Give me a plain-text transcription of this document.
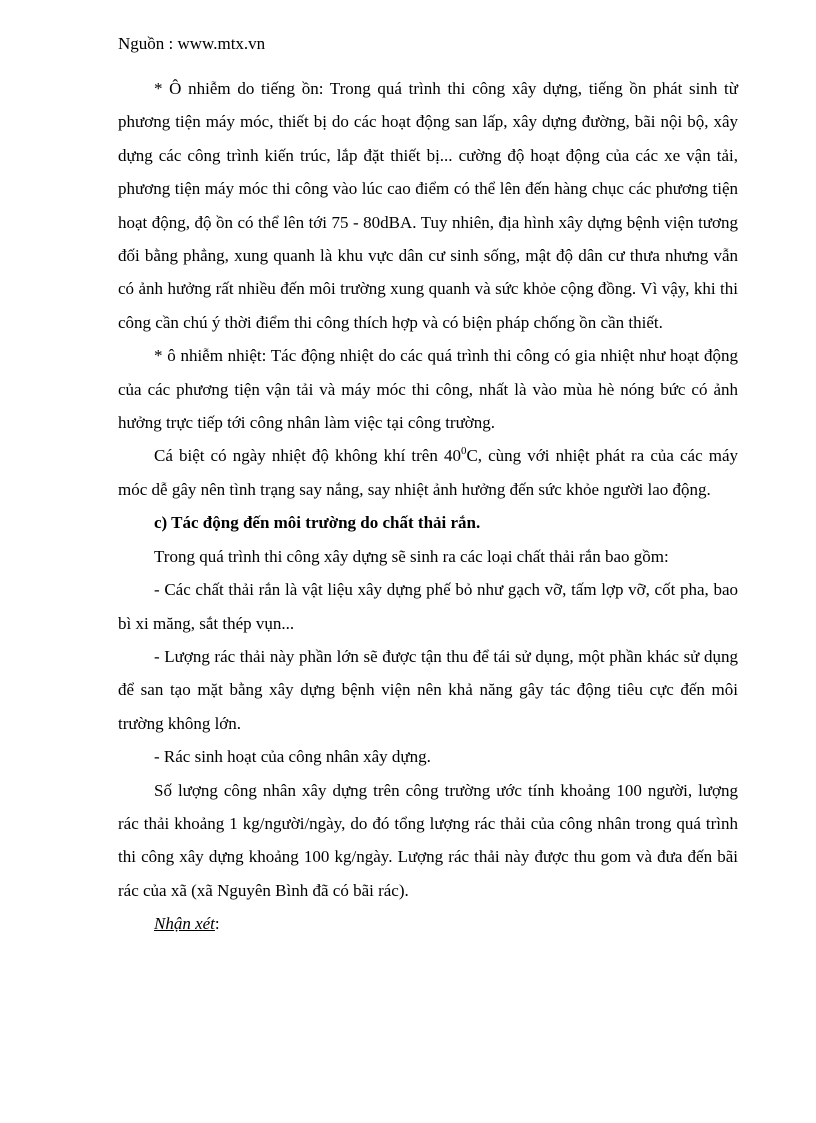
Nguồn : www.mtx.vn

* Ô nhiễm do tiếng ồn: Trong quá trình thi công xây dựng, tiếng ồn phát sinh từ phương tiện máy móc, thiết bị do các hoạt động san lấp, xây dựng đường, bãi nội bộ, xây dựng các công trình kiến trúc, lắp đặt thiết bị... cường độ hoạt động của các xe vận tải, phương tiện máy móc thi công vào lúc cao điểm có thể lên đến hàng chục các phương tiện hoạt động, độ ồn có thể lên tới 75 - 80dBA. Tuy nhiên, địa hình xây dựng bệnh viện tương đối bằng phẳng, xung quanh là khu vực dân cư sinh sống, mật độ dân cư thưa nhưng vẫn có ảnh hưởng rất nhiều đến môi trường xung quanh và sức khỏe cộng đồng. Vì vậy, khi thi công cần chú ý thời điểm thi công thích hợp và có biện pháp chống ồn cần thiết.

* ô nhiễm nhiệt: Tác động nhiệt do các quá trình thi công có gia nhiệt như hoạt động của các phương tiện vận tải và máy móc thi công, nhất là vào mùa hè nóng bức có ảnh hưởng trực tiếp tới công nhân làm việc tại công trường.

Cá biệt có ngày nhiệt độ không khí trên $40^0C$, cùng với nhiệt phát ra của các máy móc dễ gây nên tình trạng say nắng, say nhiệt ảnh hưởng đến sức khỏe người lao động.

c) Tác động đến môi trường do chất thải rắn.

Trong quá trình thi công xây dựng sẽ sinh ra các loại chất thải rắn bao gồm:

- Các chất thải rắn là vật liệu xây dựng phế bỏ như gạch vỡ, tấm lợp vỡ, cốt pha, bao bì xi măng, sắt thép vụn...

- Lượng rác thải này phần lớn sẽ được tận thu để tái sử dụng, một phần khác sử dụng để san tạo mặt bằng xây dựng bệnh viện nên khả năng gây tác động tiêu cực đến môi trường không lớn.

- Rác sinh hoạt của công nhân xây dựng.

Số lượng công nhân xây dựng trên công trường ước tính khoảng 100 người, lượng rác thải khoảng 1 kg/người/ngày, do đó tổng lượng rác thải của công nhân trong quá trình thi công xây dựng khoảng 100 kg/ngày. Lượng rác thải này được thu gom và đưa đến bãi rác của xã (xã Nguyên Bình đã có bãi rác).

Nhận xét:
